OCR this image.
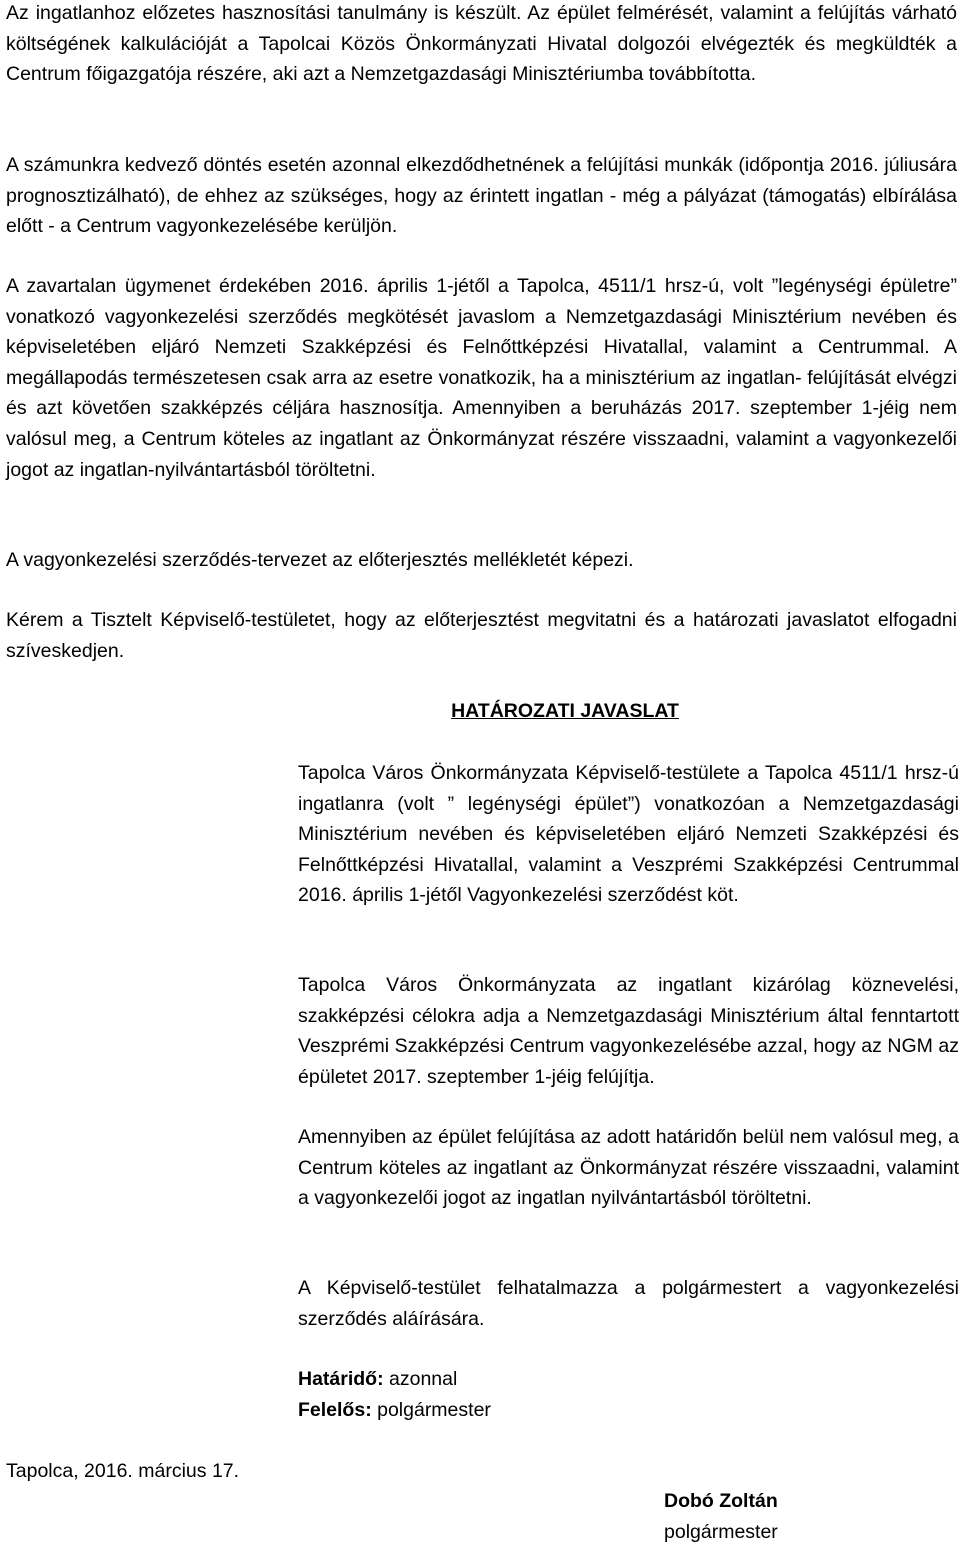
Az ingatlanhoz előzetes hasznosítási tanulmány is készült. Az épület felmérését, valamint a felújítás várható költségének kalkulációját a Tapolcai Közös Önkormányzati Hivatal dolgozói elvégezték és megküldték a Centrum főigazgatója részére, aki azt a Nemzetgazdasági Minisztériumba továbbította.

A számunkra kedvező döntés esetén azonnal elkezdődhetnének a felújítási munkák (időpontja 2016. júliusára prognosztizálható), de ehhez az szükséges, hogy az érintett ingatlan - még a pályázat (támogatás) elbírálása előtt - a Centrum vagyonkezelésébe kerüljön.

A zavartalan ügymenet érdekében 2016. április 1-jétől a Tapolca, 4511/1 hrsz-ú, volt ”legénységi épületre” vonatkozó vagyonkezelési szerződés megkötését javaslom a Nemzetgazdasági Minisztérium nevében és képviseletében eljáró Nemzeti Szakképzési és Felnőttképzési Hivatallal, valamint a Centrummal. A megállapodás természetesen csak arra az esetre vonatkozik, ha a minisztérium az ingatlan- felújítását elvégzi és azt követően szakképzés céljára hasznosítja. Amennyiben a beruházás 2017. szeptember 1-jéig nem valósul meg, a Centrum köteles az ingatlant az Önkormányzat részére visszaadni, valamint a vagyonkezelői jogot az ingatlan-nyilvántartásból töröltetni.

A vagyonkezelési szerződés-tervezet az előterjesztés mellékletét képezi.

Kérem a Tisztelt Képviselő-testületet, hogy az előterjesztést megvitatni és a határozati javaslatot elfogadni szíveskedjen.

HATÁROZATI JAVASLAT

Tapolca Város Önkormányzata Képviselő-testülete a Tapolca 4511/1 hrsz-ú ingatlanra (volt ” legénységi épület”) vonatkozóan a Nemzetgazdasági Minisztérium nevében és képviseletében eljáró Nemzeti Szakképzési és Felnőttképzési Hivatallal, valamint a Veszprémi Szakképzési Centrummal 2016. április 1-jétől Vagyonkezelési szerződést köt.

Tapolca Város Önkormányzata az ingatlant kizárólag köznevelési, szakképzési célokra adja a Nemzetgazdasági Minisztérium által fenntartott Veszprémi Szakképzési Centrum vagyonkezelésébe azzal, hogy az NGM az épületet 2017. szeptember 1-jéig felújítja.

Amennyiben az épület felújítása az adott határidőn belül nem valósul meg, a Centrum köteles az ingatlant az Önkormányzat részére visszaadni, valamint a vagyonkezelői jogot az ingatlan nyilvántartásból töröltetni.

A Képviselő-testület felhatalmazza a polgármestert a vagyonkezelési szerződés aláírására.

Határidő: azonnal
Felelős: polgármester

Tapolca, 2016. március 17.

Dobó Zoltán
polgármester
